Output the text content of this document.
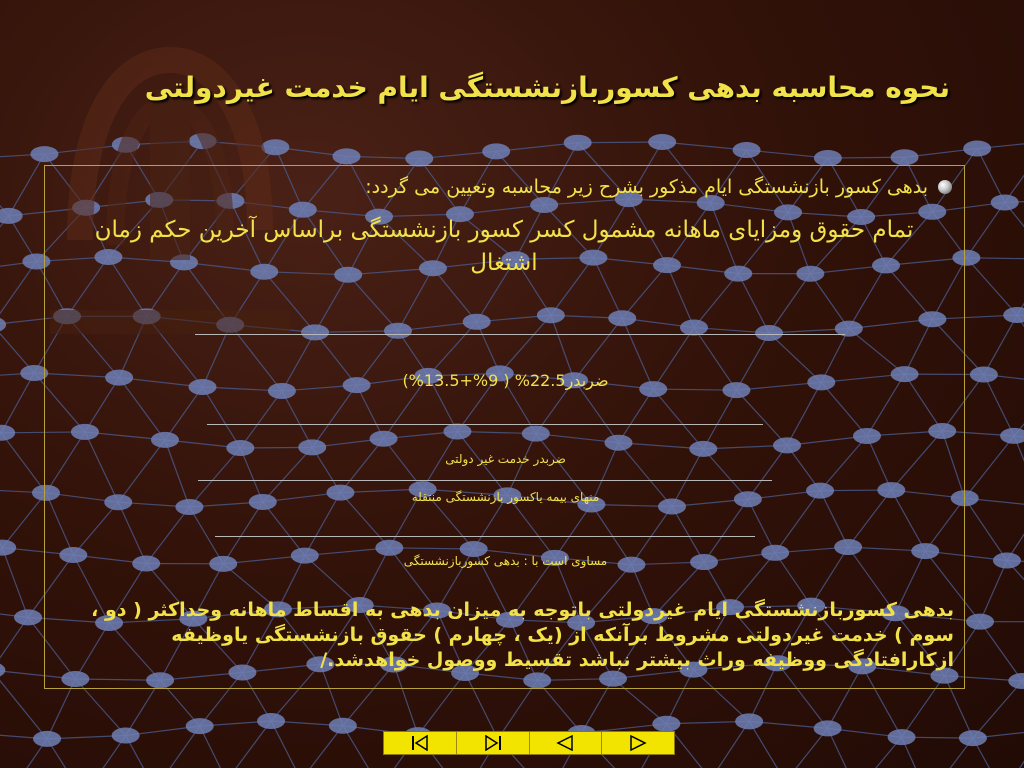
نحوه محاسبه بدهی کسوربازنشستگی ایام خدمت غیردولتی
بدهی کسور بازنشستگی ایام مذکور بشرح زیر محاسبه وتعیین می گردد:
تمام حقوق ومزایای ماهانه مشمول کسر کسور بازنشستگی براساس آخرین حکم زمان اشتغال
ضربدر22.5% ( 9%+13.5%)
ضربدر خدمت غیر دولتی
منهای بیمه یاکسور بازنشستگی منتقله
مساوی است با : بدهی کسوربازنشستگی
بدهی کسوربازنشستگی ایام غیردولتی باتوجه به میزان بدهی به اقساط ماهانه وحداکثر ( دو ، سوم ) خدمت غیردولتی مشروط برآنکه از (یک ، چهارم ) حقوق بازنشستگی یاوظیفه ازکارافتادگی ووظیفه وراث بیشتر نباشد تقسیط ووصول خواهدشد./
